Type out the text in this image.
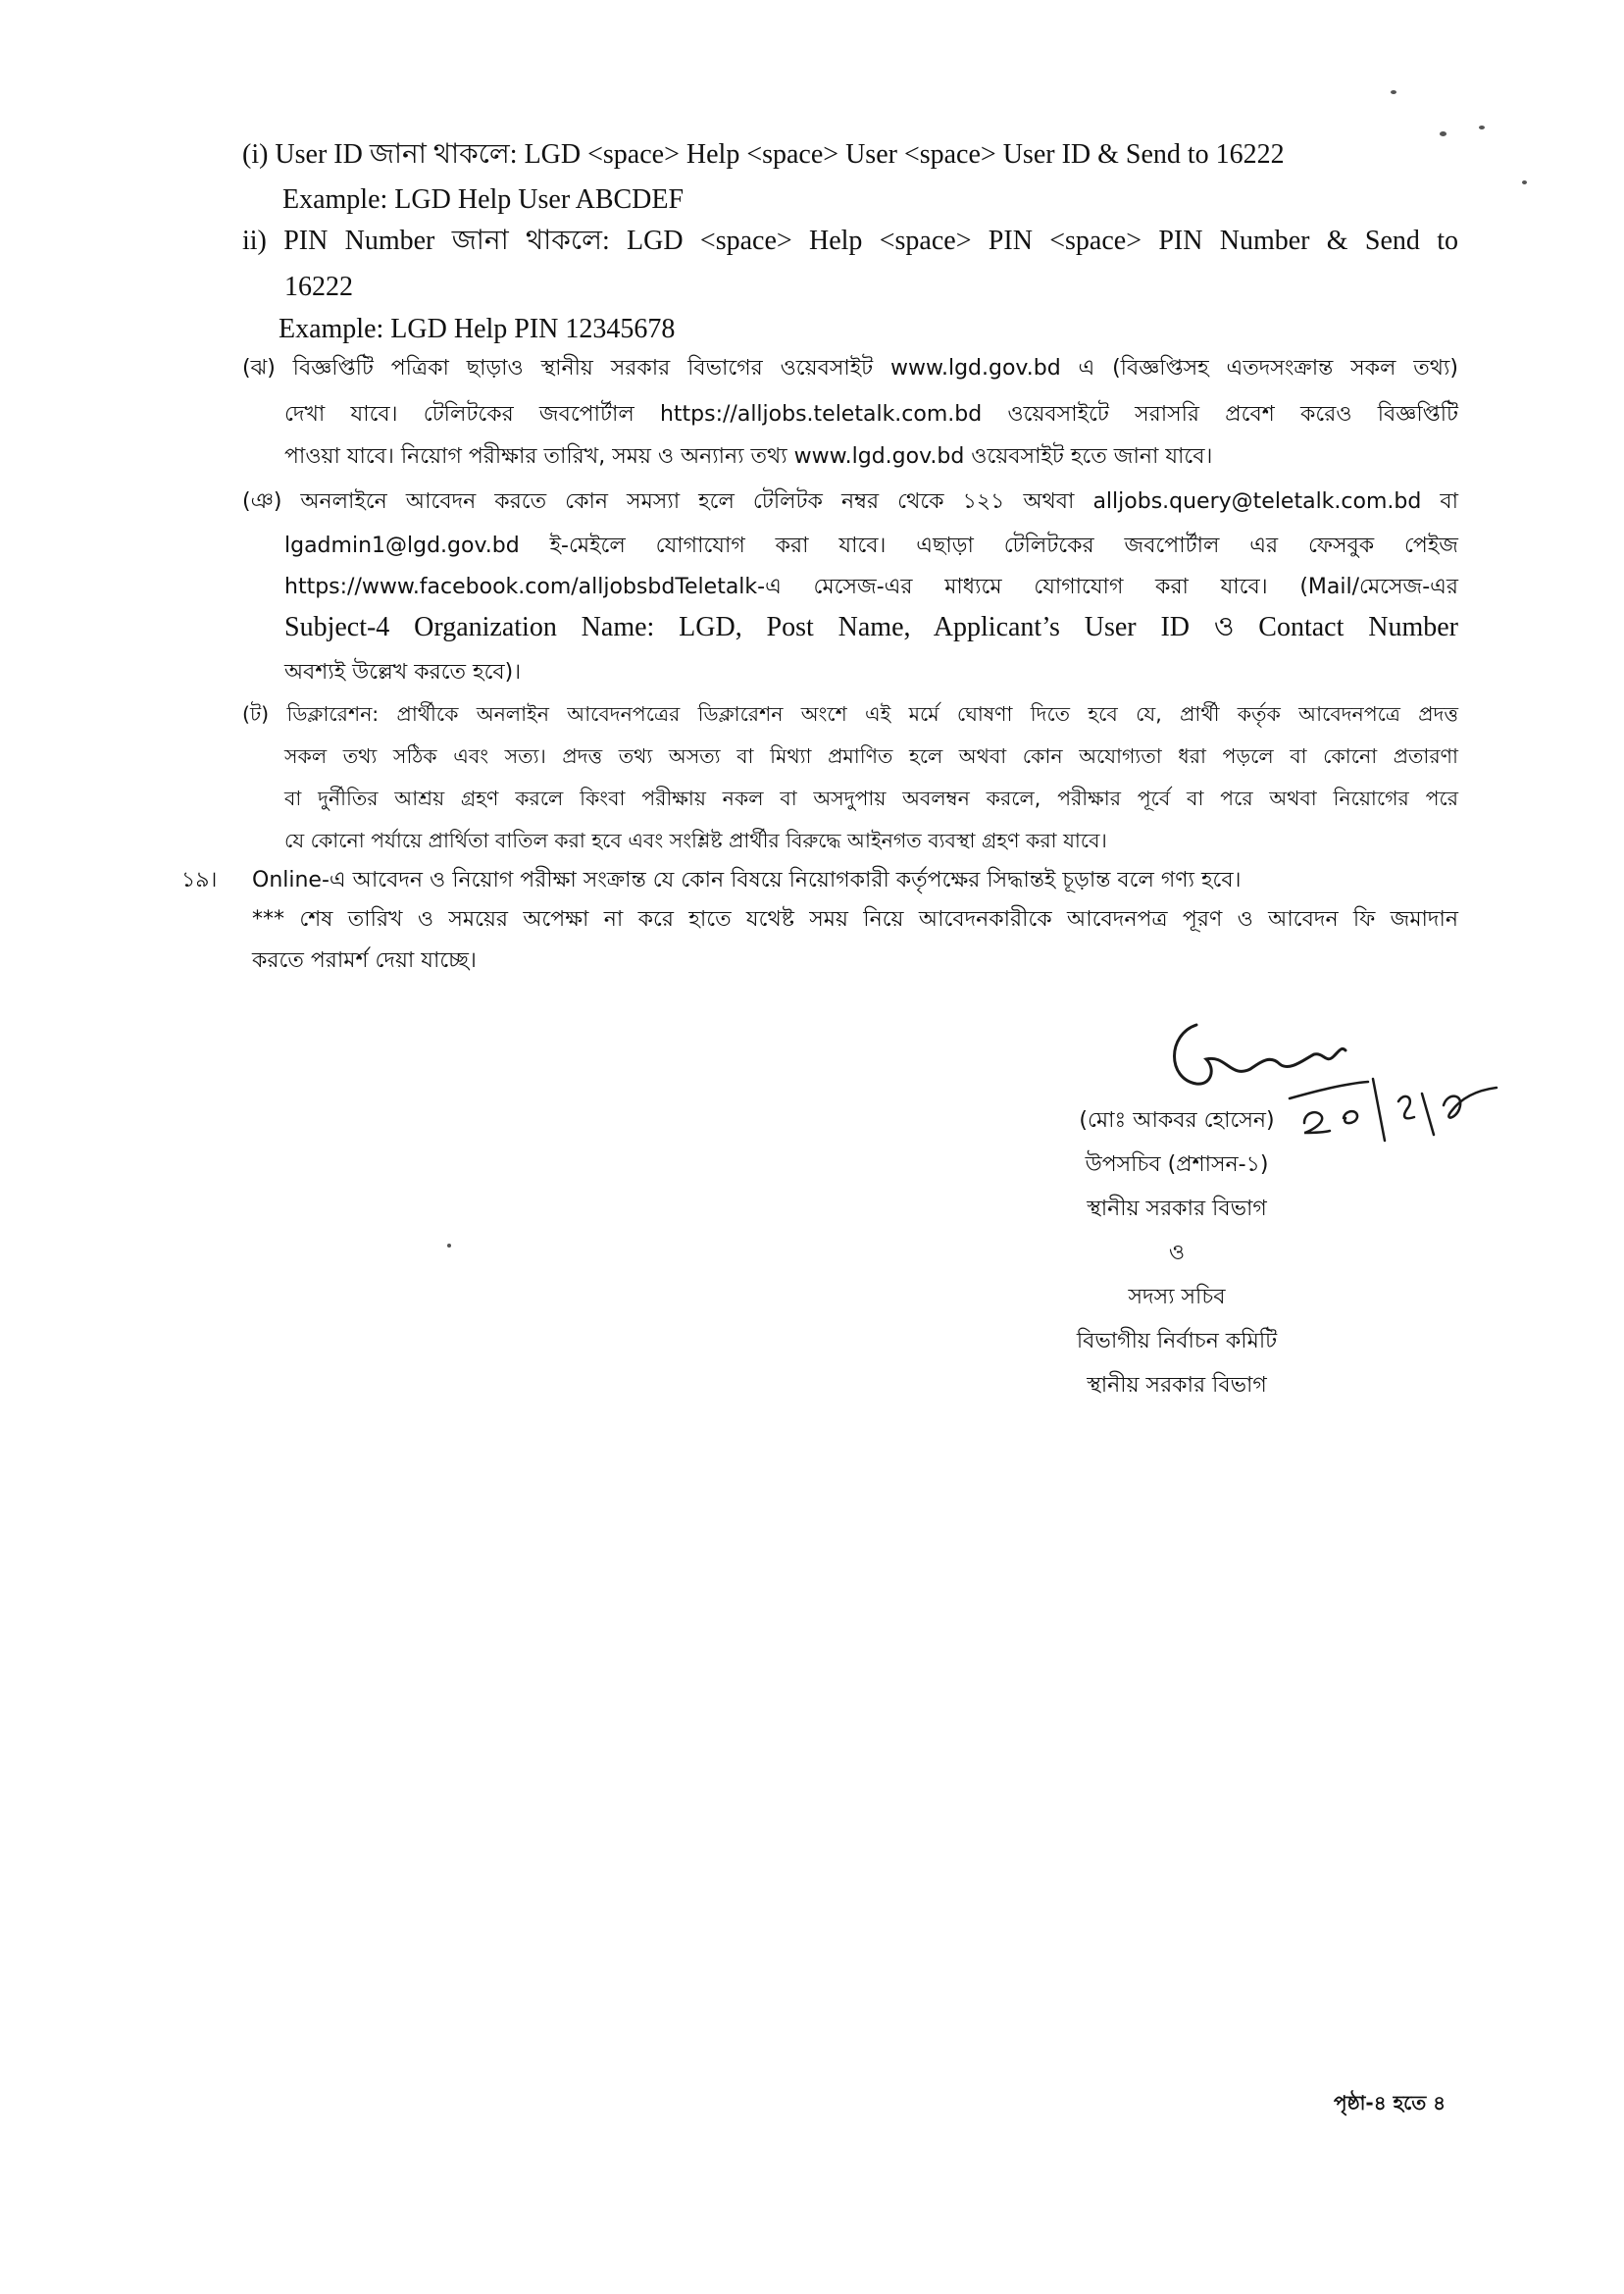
(i) User ID জানা থাকলে: LGD <space> Help <space> User <space> User ID & Send to 16222
Example: LGD Help User ABCDEF
ii) PIN Number জানা থাকলে: LGD <space> Help <space> PIN <space> PIN Number & Send to
16222
Example: LGD Help PIN 12345678
(ঝ) বিজ্ঞপ্তিটি পত্রিকা ছাড়াও স্থানীয় সরকার বিভাগের ওয়েবসাইট www.lgd.gov.bd এ (বিজ্ঞপ্তিসহ এতদসংক্রান্ত সকল তথ্য)
দেখা যাবে। টেলিটকের জবপোর্টাল https://alljobs.teletalk.com.bd ওয়েবসাইটে সরাসরি প্রবেশ করেও বিজ্ঞপ্তিটি
পাওয়া যাবে। নিয়োগ পরীক্ষার তারিখ, সময় ও অন্যান্য তথ্য www.lgd.gov.bd ওয়েবসাইট হতে জানা যাবে।
(ঞ) অনলাইনে আবেদন করতে কোন সমস্যা হলে টেলিটক নম্বর থেকে ১২১ অথবা alljobs.query@teletalk.com.bd বা
lgadmin1@lgd.gov.bd ই-মেইলে যোগাযোগ করা যাবে। এছাড়া টেলিটকের জবপোর্টাল এর ফেসবুক পেইজ
https://www.facebook.com/alljobsbdTeletalk-এ মেসেজ-এর মাধ্যমে যোগাযোগ করা যাবে। (Mail/মেসেজ-এর
Subject-4 Organization Name: LGD, Post Name, Applicant’s User ID ও Contact Number
অবশ্যই উল্লেখ করতে হবে)।
(ট) ডিক্লারেশন: প্রার্থীকে অনলাইন আবেদনপত্রের ডিক্লারেশন অংশে এই মর্মে ঘোষণা দিতে হবে যে, প্রার্থী কর্তৃক আবেদনপত্রে প্রদত্ত
সকল তথ্য সঠিক এবং সত্য। প্রদত্ত তথ্য অসত্য বা মিথ্যা প্রমাণিত হলে অথবা কোন অযোগ্যতা ধরা পড়লে বা কোনো প্রতারণা
বা দুর্নীতির আশ্রয় গ্রহণ করলে কিংবা পরীক্ষায় নকল বা অসদুপায় অবলম্বন করলে, পরীক্ষার পূর্বে বা পরে অথবা নিয়োগের পরে
যে কোনো পর্যায়ে প্রার্থিতা বাতিল করা হবে এবং সংশ্লিষ্ট প্রার্থীর বিরুদ্ধে আইনগত ব্যবস্থা গ্রহণ করা যাবে।
১৯। Online-এ আবেদন ও নিয়োগ পরীক্ষা সংক্রান্ত যে কোন বিষয়ে নিয়োগকারী কর্তৃপক্ষের সিদ্ধান্তই চূড়ান্ত বলে গণ্য হবে।
*** শেষ তারিখ ও সময়ের অপেক্ষা না করে হাতে যথেষ্ট সময় নিয়ে আবেদনকারীকে আবেদনপত্র পূরণ ও আবেদন ফি জমাদান
করতে পরামর্শ দেয়া যাচ্ছে।
(মোঃ আকবর হোসেন)
উপসচিব (প্রশাসন-১)
স্থানীয় সরকার বিভাগ
ও
সদস্য সচিব
বিভাগীয় নির্বাচন কমিটি
স্থানীয় সরকার বিভাগ
পৃষ্ঠা-৪ হতে ৪
